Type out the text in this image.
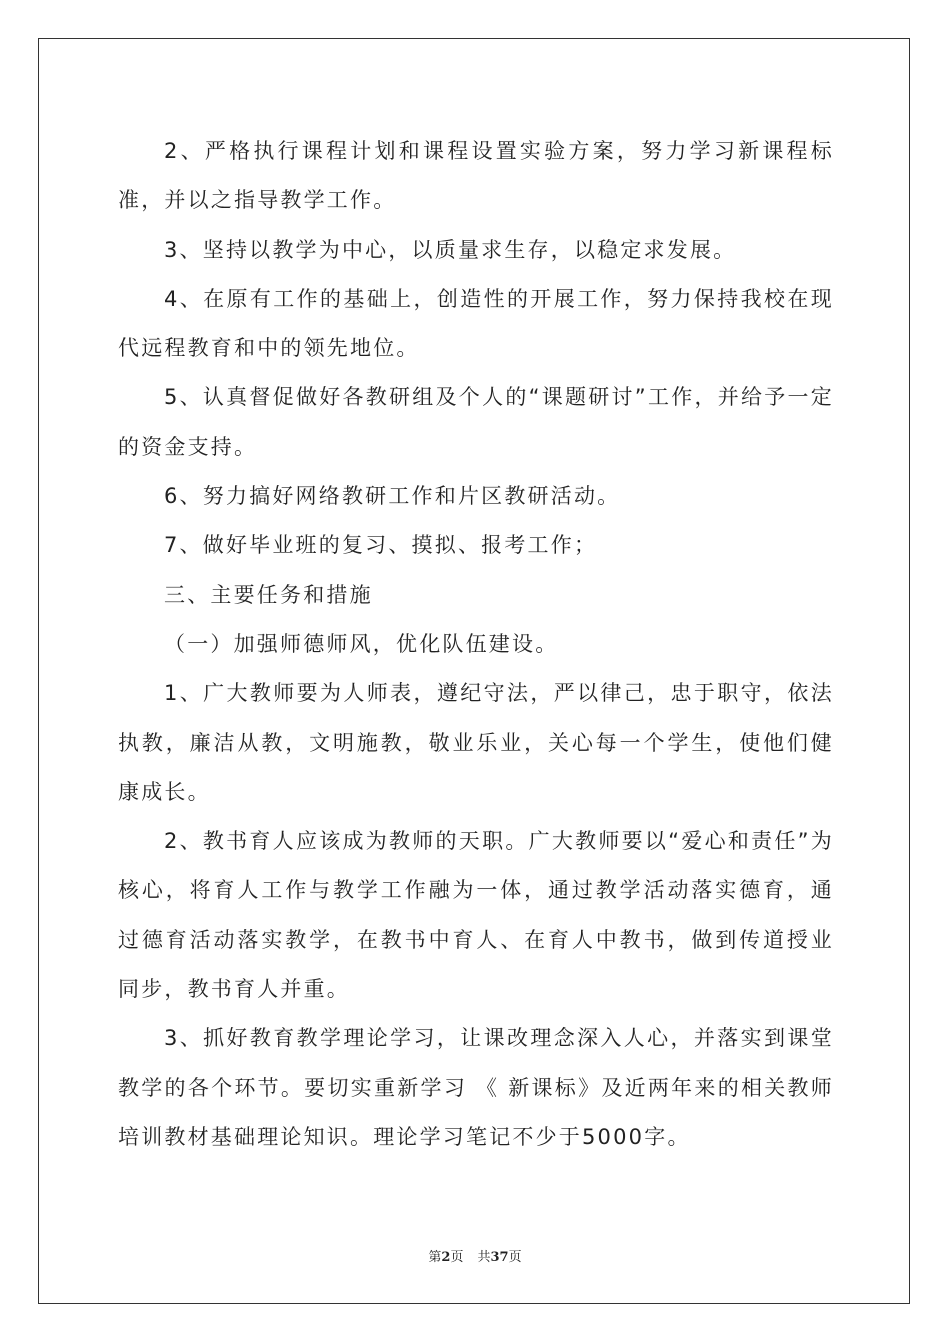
2、严格执行课程计划和课程设置实验方案，努力学习新课程标准，并以之指导教学工作。

3、坚持以教学为中心，以质量求生存，以稳定求发展。

4、在原有工作的基础上，创造性的开展工作，努力保持我校在现代远程教育和中的领先地位。

5、认真督促做好各教研组及个人的“课题研讨”工作，并给予一定的资金支持。

6、努力搞好网络教研工作和片区教研活动。

7、做好毕业班的复习、摸拟、报考工作；

三、主要任务和措施

（一）加强师德师风，优化队伍建设。

1、广大教师要为人师表，遵纪守法，严以律己，忠于职守，依法执教，廉洁从教，文明施教，敬业乐业，关心每一个学生，使他们健康成长。

2、教书育人应该成为教师的天职。广大教师要以“爱心和责任”为核心，将育人工作与教学工作融为一体，通过教学活动落实德育，通过德育活动落实教学，在教书中育人、在育人中教书，做到传道授业同步，教书育人并重。

3、抓好教育教学理论学习，让课改理念深入人心，并落实到课堂教学的各个环节。要切实重新学习 《 新课标》及近两年来的相关教师培训教材基础理论知识。理论学习笔记不少于5000字。

第2页 共37页
